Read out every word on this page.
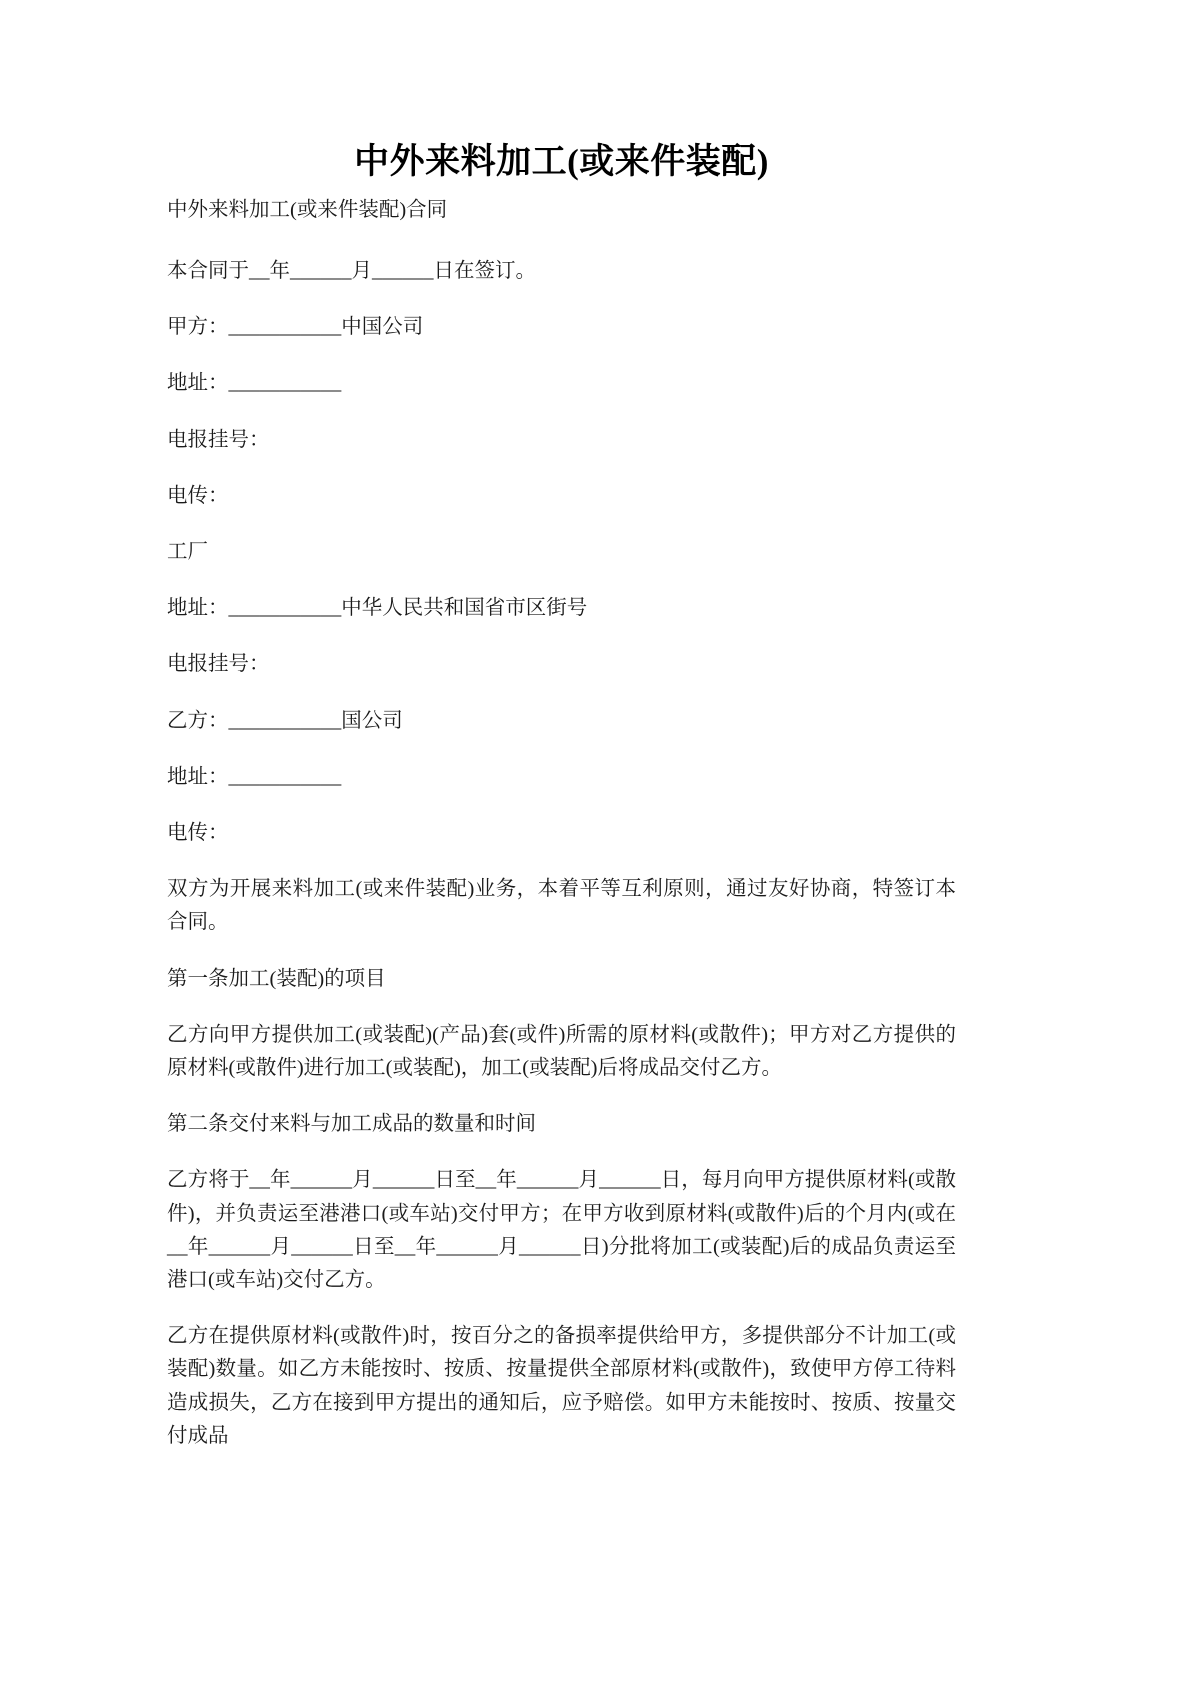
中外来料加工(或来件装配)

中外来料加工(或来件装配)合同

本合同于__年______月______日在签订。

甲方：___________中国公司

地址：___________

电报挂号：

电传：

工厂

地址：___________中华人民共和国省市区街号

电报挂号：

乙方：___________国公司

地址：___________

电传：

双方为开展来料加工(或来件装配)业务，本着平等互利原则，通过友好协商，特签订本合同。

第一条加工(装配)的项目

乙方向甲方提供加工(或装配)(产品)套(或件)所需的原材料(或散件)；甲方对乙方提供的原材料(或散件)进行加工(或装配)，加工(或装配)后将成品交付乙方。

第二条交付来料与加工成品的数量和时间

乙方将于__年______月______日至__年______月______日，每月向甲方提供原材料(或散件)，并负责运至港港口(或车站)交付甲方；在甲方收到原材料(或散件)后的个月内(或在__年______月______日至__年______月______日)分批将加工(或装配)后的成品负责运至港口(或车站)交付乙方。

乙方在提供原材料(或散件)时，按百分之的备损率提供给甲方，多提供部分不计加工(或装配)数量。如乙方未能按时、按质、按量提供全部原材料(或散件)，致使甲方停工待料造成损失，乙方在接到甲方提出的通知后，应予赔偿。如甲方未能按时、按质、按量交付成品
